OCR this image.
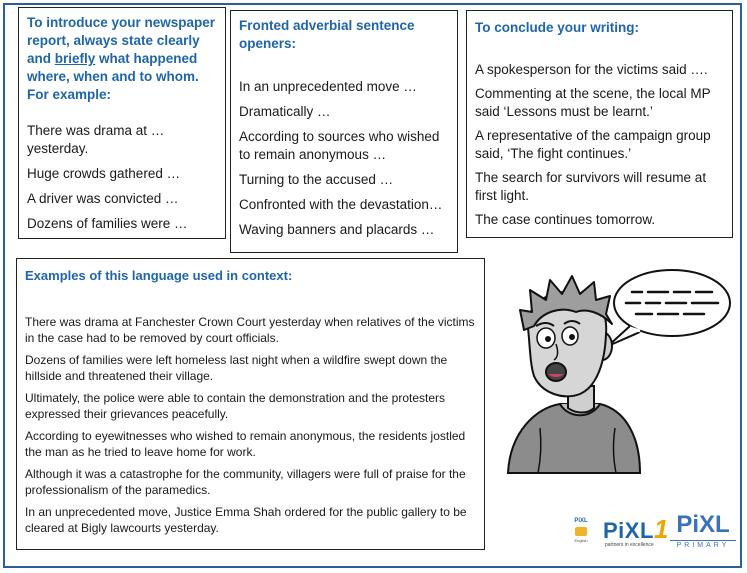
To introduce your newspaper report, always state clearly and briefly what happened where, when and to whom. For example:

There was drama at … yesterday.

Huge crowds gathered …

A driver was convicted …

Dozens of families were …

Fronted adverbial sentence openers:

In an unprecedented move …

Dramatically …

According to sources who wished to remain anonymous …

Turning to the accused …

Confronted with the devastation…

Waving banners and placards …

To conclude your writing:

A spokesperson for the victims said ….

Commenting at the scene, the local MP said ‘Lessons must be learnt.’

A representative of the campaign group said, ‘The fight continues.’

The search for survivors will resume at first light.

The case continues tomorrow.

Examples of this language used in context:

There was drama at Fanchester Crown Court yesterday when relatives of the victims in the case had to be removed by court officials.

Dozens of families were left homeless last night when a wildfire swept down the hillside and threatened their village.

Ultimately, the police were able to contain the demonstration and the protesters expressed their grievances peacefully.

According to eyewitnesses who wished to remain anonymous, the residents jostled the man as he tried to leave home for work.

Although it was a catastrophe for the community, villagers were full of praise for the professionalism of the paramedics.

In an unprecedented move, Justice Emma Shah ordered for the public gallery to be cleared at Bigly lawcourts yesterday.	PiXL
English PiXL1
partners in excellence
PiXL
PRIMARY
